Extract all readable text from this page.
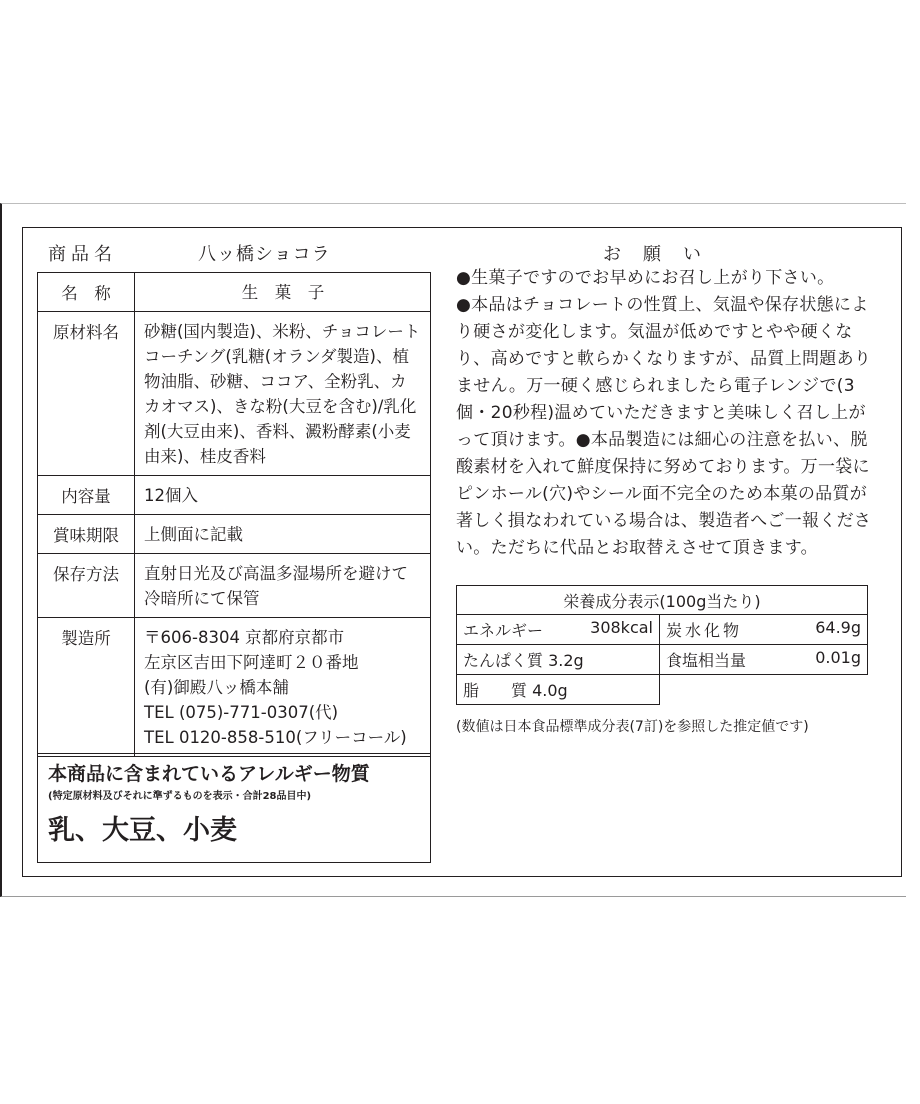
商品名	八ッ橋ショコラ
名　称	生　菓　子
原材料名	砂糖(国内製造)、米粉、チョコレートコーチング(乳糖(オランダ製造)、植物油脂、砂糖、ココア、全粉乳、カカオマス)、きな粉(大豆を含む)/乳化剤(大豆由来)、香料、澱粉酵素(小麦由来)、桂皮香料
内容量	12個入
賞味期限	上側面に記載
保存方法	直射日光及び高温多湿場所を避けて冷暗所にて保管
製造所	〒606-8304 京都府京都市
左京区吉田下阿達町２０番地
(有)御殿八ッ橋本舗
TEL (075)-771-0307(代)
TEL 0120-858-510(フリーコール)
本商品に含まれているアレルギー物質
(特定原材料及びそれに準ずるものを表示・合計28品目中)
乳、大豆、小麦
お願い

●生菓子ですのでお早めにお召し上がり下さい。

●本品はチョコレートの性質上、気温や保存状態により硬さが変化します。気温が低めですとやや硬くなり、高めですと軟らかくなりますが、品質上問題ありません。万一硬く感じられましたら電子レンジで(3個・20秒程)温めていただきますと美味しく召し上がって頂けます。●本品製造には細心の注意を払い、脱酸素材を入れて鮮度保持に努めております。万一袋にピンホール(穴)やシール面不完全のため本菓の品質が著しく損なわれている場合は、製造者へご一報ください。ただちに代品とお取替えさせて頂きます。

栄養成分表示(100g当たり)	
エネルギー 308kcal	炭水化物 64.9g

たんぱく質 3.2g	食塩相当量 0.01g

脂　　質 4.0g	
(数値は日本食品標準成分表(7訂)を参照した推定値です)
